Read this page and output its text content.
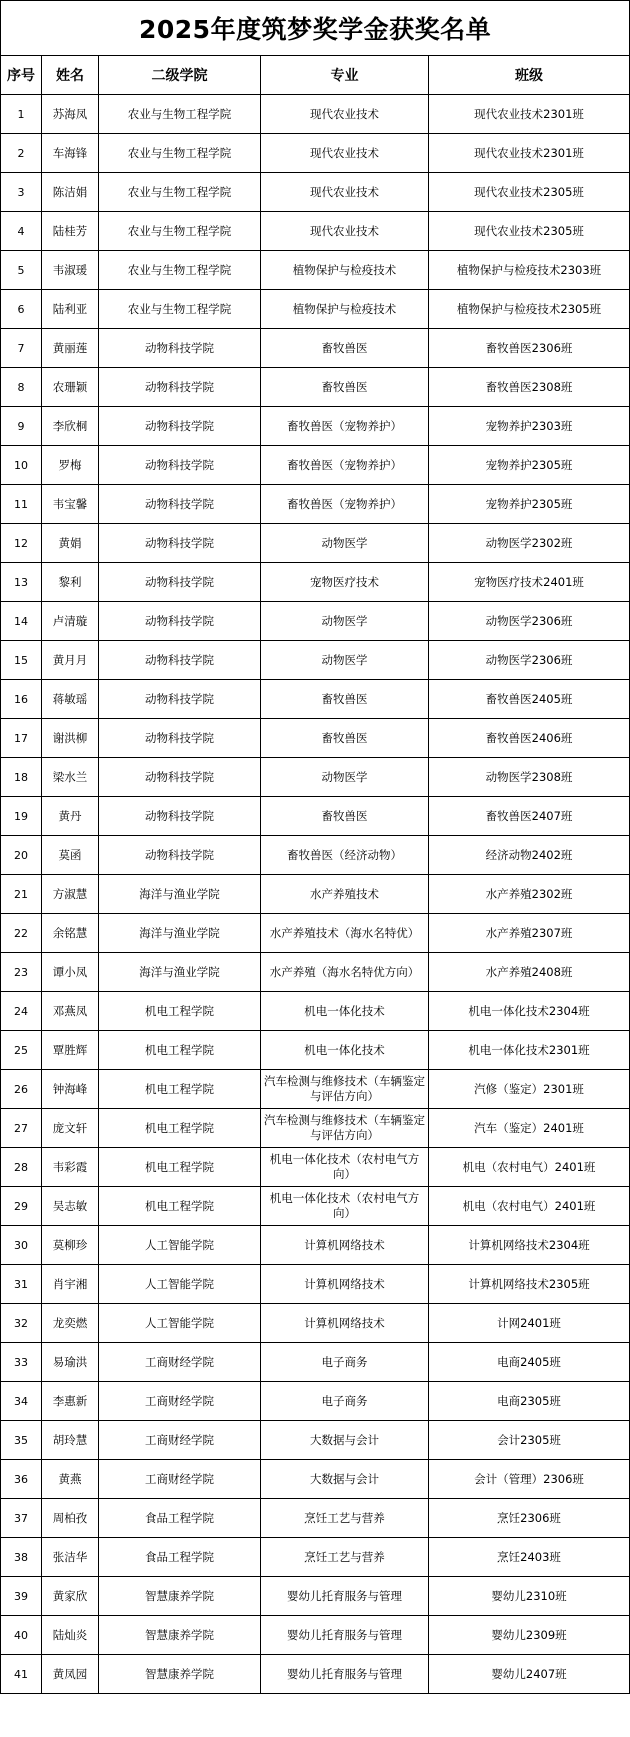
2025年度筑梦奖学金获奖名单				
序号	姓名	二级学院	专业	班级
1	苏海凤	农业与生物工程学院	现代农业技术	现代农业技术2301班
2	车海锋	农业与生物工程学院	现代农业技术	现代农业技术2301班
3	陈洁娟	农业与生物工程学院	现代农业技术	现代农业技术2305班
4	陆桂芳	农业与生物工程学院	现代农业技术	现代农业技术2305班
5	韦淑瑗	农业与生物工程学院	植物保护与检疫技术	植物保护与检疫技术2303班
6	陆利亚	农业与生物工程学院	植物保护与检疫技术	植物保护与检疫技术2305班
7	黄丽莲	动物科技学院	畜牧兽医	畜牧兽医2306班
8	农珊颖	动物科技学院	畜牧兽医	畜牧兽医2308班
9	李欣桐	动物科技学院	畜牧兽医（宠物养护）	宠物养护2303班
10	罗梅	动物科技学院	畜牧兽医（宠物养护）	宠物养护2305班
11	韦宝馨	动物科技学院	畜牧兽医（宠物养护）	宠物养护2305班
12	黄娟	动物科技学院	动物医学	动物医学2302班
13	黎利	动物科技学院	宠物医疗技术	宠物医疗技术2401班
14	卢清璇	动物科技学院	动物医学	动物医学2306班
15	黄月月	动物科技学院	动物医学	动物医学2306班
16	蒋敏瑶	动物科技学院	畜牧兽医	畜牧兽医2405班
17	谢洪柳	动物科技学院	畜牧兽医	畜牧兽医2406班
18	梁水兰	动物科技学院	动物医学	动物医学2308班
19	黄丹	动物科技学院	畜牧兽医	畜牧兽医2407班
20	莫函	动物科技学院	畜牧兽医（经济动物）	经济动物2402班
21	方淑慧	海洋与渔业学院	水产养殖技术	水产养殖2302班
22	余铭慧	海洋与渔业学院	水产养殖技术（海水名特优）	水产养殖2307班
23	谭小凤	海洋与渔业学院	水产养殖（海水名特优方向）	水产养殖2408班
24	邓燕凤	机电工程学院	机电一体化技术	机电一体化技术2304班
25	覃胜辉	机电工程学院	机电一体化技术	机电一体化技术2301班
26	钟海峰	机电工程学院	汽车检测与维修技术（车辆鉴定与评估方向）	汽修（鉴定）2301班
27	庞文轩	机电工程学院	汽车检测与维修技术（车辆鉴定与评估方向）	汽车（鉴定）2401班
28	韦彩霞	机电工程学院	机电一体化技术（农村电气方向）	机电（农村电气）2401班
29	吴志敏	机电工程学院	机电一体化技术（农村电气方向）	机电（农村电气）2401班
30	莫柳珍	人工智能学院	计算机网络技术	计算机网络技术2304班
31	肖宇湘	人工智能学院	计算机网络技术	计算机网络技术2305班
32	龙奕燃	人工智能学院	计算机网络技术	计网2401班
33	易瑜洪	工商财经学院	电子商务	电商2405班
34	李惠新	工商财经学院	电子商务	电商2305班
35	胡玲慧	工商财经学院	大数据与会计	会计2305班
36	黄燕	工商财经学院	大数据与会计	会计（管理）2306班
37	周柏孜	食品工程学院	烹饪工艺与营养	烹饪2306班
38	张洁华	食品工程学院	烹饪工艺与营养	烹饪2403班
39	黄家欣	智慧康养学院	婴幼儿托育服务与管理	婴幼儿2310班
40	陆灿炎	智慧康养学院	婴幼儿托育服务与管理	婴幼儿2309班
41	黄凤园	智慧康养学院	婴幼儿托育服务与管理	婴幼儿2407班
